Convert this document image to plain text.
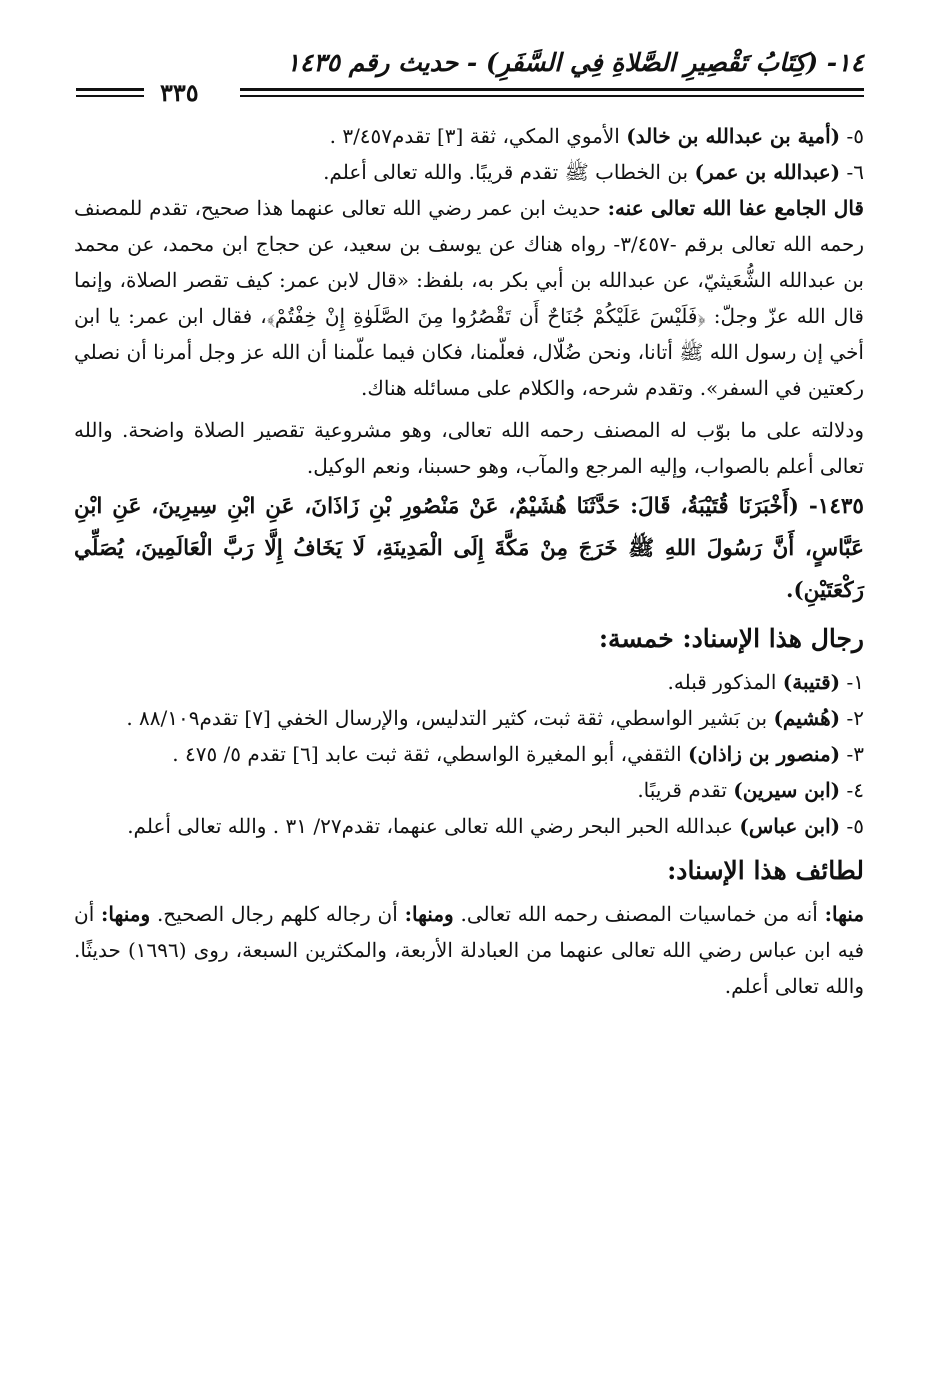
١٤- (كِتَابُ تَقْصِيرِ الصَّلاةِ فِي السَّفَرِ) - حديث رقم ١٤٣٥
٣٣٥

٥- (أمية بن عبدالله بن خالد) الأموي المكي، ثقة [٣] تقدم٣/٤٥٧ .

٦- (عبدالله بن عمر) بن الخطاب ﷺ تقدم قريبًا. والله تعالى أعلم.

قال الجامع عفا الله تعالى عنه: حديث ابن عمر رضي الله تعالى عنهما هذا صحيح، تقدم للمصنف رحمه الله تعالى برقم -٣/٤٥٧- رواه هناك عن يوسف بن سعيد، عن حجاج ابن محمد، عن محمد بن عبدالله الشُّعَيثيّ، عن عبدالله بن أبي بكر به، بلفظ: «قال لابن عمر: كيف تقصر الصلاة، وإنما قال الله عزّ وجلّ: ﴿فَلَيْسَ عَلَيْكُمْ جُنَاحٌ أَن تَقْصُرُوا مِنَ الصَّلَوٰةِ إِنْ خِفْتُمْ﴾، فقال ابن عمر: يا ابن أخي إن رسول الله ﷺ أتانا، ونحن ضُلّال، فعلّمنا، فكان فيما علّمنا أن الله عز وجل أمرنا أن نصلي ركعتين في السفر». وتقدم شرحه، والكلام على مسائله هناك.

ودلالته على ما بوّب له المصنف رحمه الله تعالى، وهو مشروعية تقصير الصلاة واضحة. والله تعالى أعلم بالصواب، وإليه المرجع والمآب، وهو حسبنا، ونعم الوكيل.

١٤٣٥- (أَخْبَرَنَا قُتَيْبَةُ، قَالَ: حَدَّثَنَا هُشَيْمٌ، عَنْ مَنْصُورِ بْنِ زَاذَانَ، عَنِ ابْنِ سِيرِينَ، عَنِ ابْنِ عَبَّاسٍ، أَنَّ رَسُولَ اللهِ ﷺ خَرَجَ مِنْ مَكَّةَ إِلَى الْمَدِينَةِ، لَا يَخَافُ إِلَّا رَبَّ الْعَالَمِينَ، يُصَلِّي رَكْعَتَيْنِ).

رجال هذا الإسناد: خمسة:

١- (قتيبة) المذكور قبله.

٢- (هُشيم) بن بَشير الواسطي، ثقة ثبت، كثير التدليس، والإرسال الخفي [٧] تقدم٨٨/١٠٩ .

٣- (منصور بن زاذان) الثقفي، أبو المغيرة الواسطي، ثقة ثبت عابد [٦] تقدم ٥/ ٤٧٥ .

٤- (ابن سيرين) تقدم قريبًا.

٥- (ابن عباس) عبدالله الحبر البحر رضي الله تعالى عنهما، تقدم٢٧/ ٣١ . والله تعالى أعلم.

لطائف هذا الإسناد:

منها: أنه من خماسيات المصنف رحمه الله تعالى. ومنها: أن رجاله كلهم رجال الصحيح. ومنها: أن فيه ابن عباس رضي الله تعالى عنهما من العبادلة الأربعة، والمكثرين السبعة، روى (١٦٩٦) حديثًا. والله تعالى أعلم.
